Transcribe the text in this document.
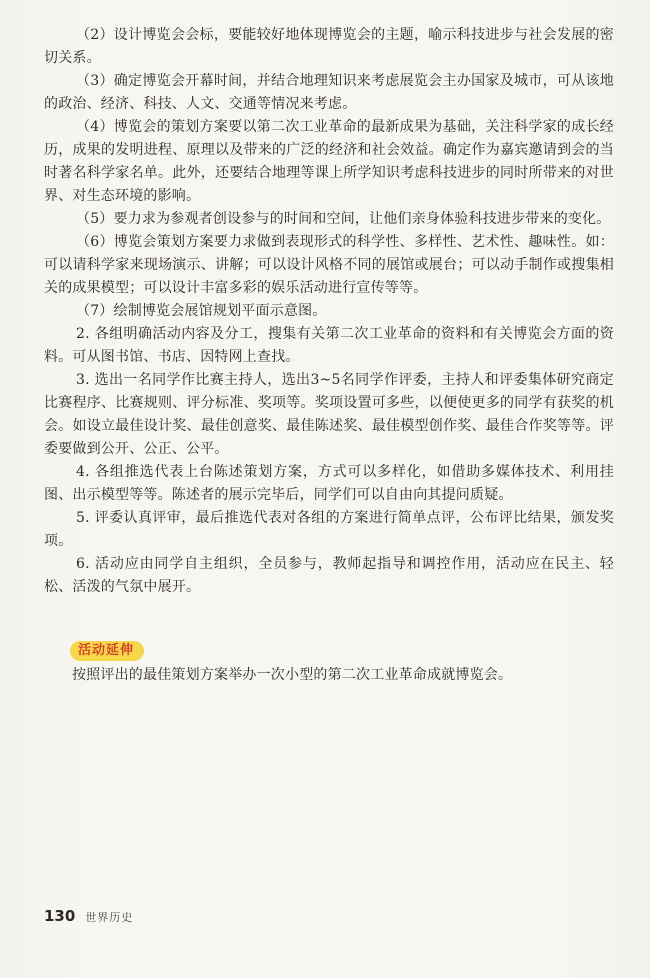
（2）设计博览会会标，要能较好地体现博览会的主题，喻示科技进步与社会发展的密切关系。

（3）确定博览会开幕时间，并结合地理知识来考虑展览会主办国家及城市，可从该地的政治、经济、科技、人文、交通等情况来考虑。

（4）博览会的策划方案要以第二次工业革命的最新成果为基础，关注科学家的成长经历，成果的发明进程、原理以及带来的广泛的经济和社会效益。确定作为嘉宾邀请到会的当时著名科学家名单。此外，还要结合地理等课上所学知识考虑科技进步的同时所带来的对世界、对生态环境的影响。

（5）要力求为参观者创设参与的时间和空间，让他们亲身体验科技进步带来的变化。

（6）博览会策划方案要力求做到表现形式的科学性、多样性、艺术性、趣味性。如：可以请科学家来现场演示、讲解；可以设计风格不同的展馆或展台；可以动手制作或搜集相关的成果模型；可以设计丰富多彩的娱乐活动进行宣传等等。

（7）绘制博览会展馆规划平面示意图。

2. 各组明确活动内容及分工，搜集有关第二次工业革命的资料和有关博览会方面的资料。可从图书馆、书店、因特网上查找。

3. 选出一名同学作比赛主持人，选出3~5名同学作评委，主持人和评委集体研究商定比赛程序、比赛规则、评分标准、奖项等。奖项设置可多些，以便使更多的同学有获奖的机会。如设立最佳设计奖、最佳创意奖、最佳陈述奖、最佳模型创作奖、最佳合作奖等等。评委要做到公开、公正、公平。

4. 各组推选代表上台陈述策划方案，方式可以多样化，如借助多媒体技术、利用挂图、出示模型等等。陈述者的展示完毕后，同学们可以自由向其提问质疑。

5. 评委认真评审，最后推选代表对各组的方案进行简单点评，公布评比结果，颁发奖项。

6. 活动应由同学自主组织，全员参与，教师起指导和调控作用，活动应在民主、轻松、活泼的气氛中展开。

活动延伸
按照评出的最佳策划方案举办一次小型的第二次工业革命成就博览会。
130 世界历史
